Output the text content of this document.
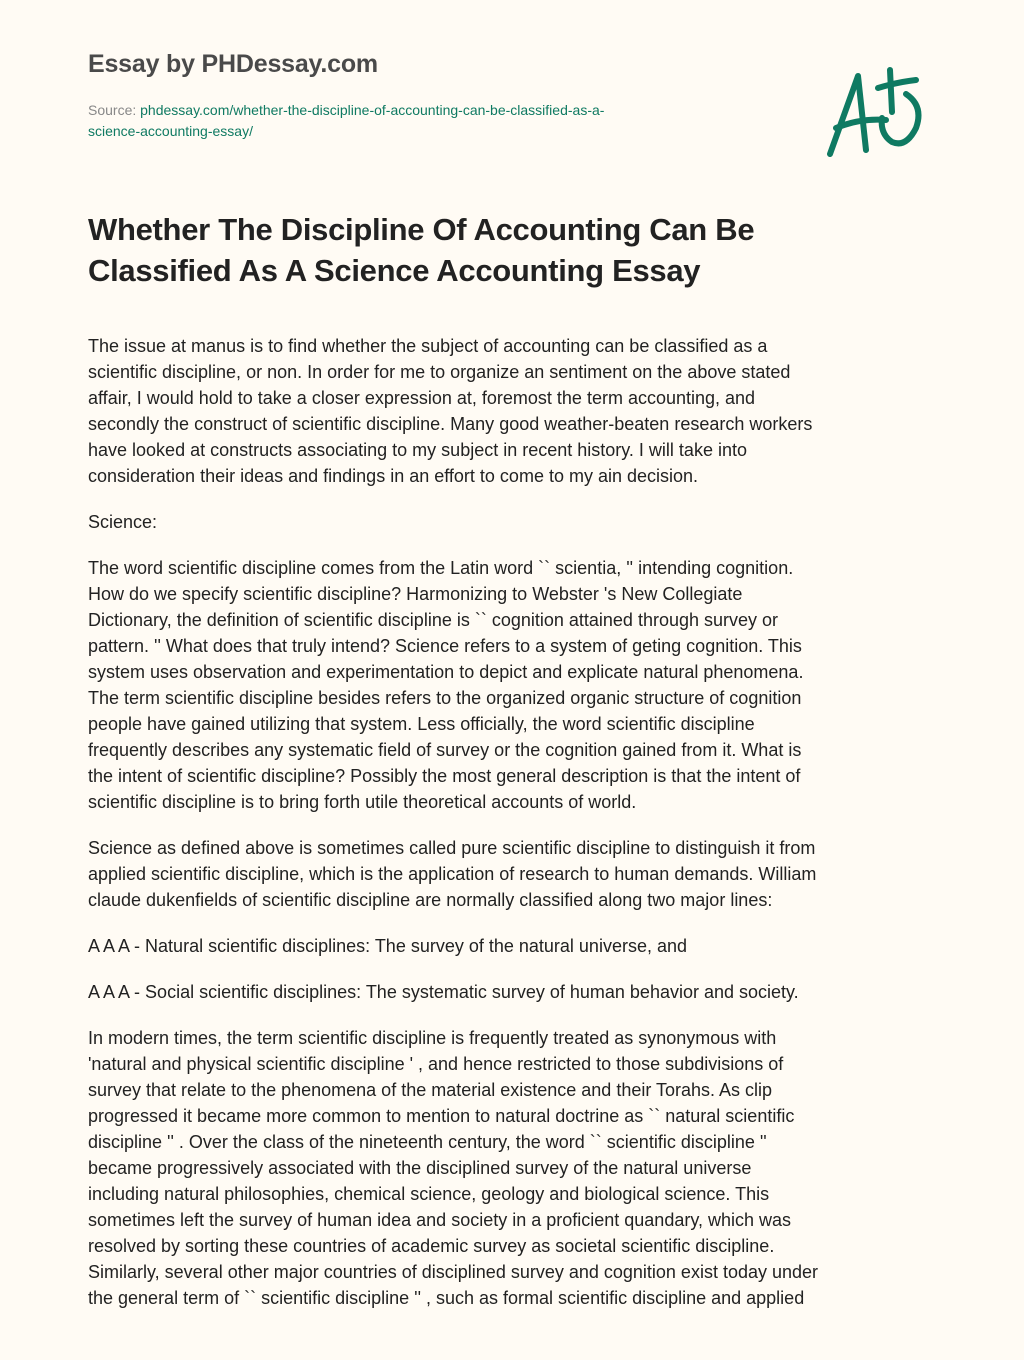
Essay by PHDessay.com
Source: phdessay.com/whether-the-discipline-of-accounting-can-be-classified-as-a-
science-accounting-essay/
Whether The Discipline Of Accounting Can Be
Classified As A Science Accounting Essay

The issue at manus is to find whether the subject of accounting can be classified as a
scientific discipline, or non. In order for me to organize an sentiment on the above stated
affair, I would hold to take a closer expression at, foremost the term accounting, and
secondly the construct of scientific discipline. Many good weather-beaten research workers
have looked at constructs associating to my subject in recent history. I will take into
consideration their ideas and findings in an effort to come to my ain decision.

Science:

The word scientific discipline comes from the Latin word `` scientia, '' intending cognition.
How do we specify scientific discipline? Harmonizing to Webster 's New Collegiate
Dictionary, the definition of scientific discipline is `` cognition attained through survey or
pattern. '' What does that truly intend? Science refers to a system of geting cognition. This
system uses observation and experimentation to depict and explicate natural phenomena.
The term scientific discipline besides refers to the organized organic structure of cognition
people have gained utilizing that system. Less officially, the word scientific discipline
frequently describes any systematic field of survey or the cognition gained from it. What is
the intent of scientific discipline? Possibly the most general description is that the intent of
scientific discipline is to bring forth utile theoretical accounts of world.

Science as defined above is sometimes called pure scientific discipline to distinguish it from
applied scientific discipline, which is the application of research to human demands. William
claude dukenfields of scientific discipline are normally classified along two major lines:

A A A - Natural scientific disciplines: The survey of the natural universe, and

A A A - Social scientific disciplines: The systematic survey of human behavior and society.

In modern times, the term scientific discipline is frequently treated as synonymous with
'natural and physical scientific discipline ' , and hence restricted to those subdivisions of
survey that relate to the phenomena of the material existence and their Torahs. As clip
progressed it became more common to mention to natural doctrine as `` natural scientific
discipline '' . Over the class of the nineteenth century, the word `` scientific discipline ''
became progressively associated with the disciplined survey of the natural universe
including natural philosophies, chemical science, geology and biological science. This
sometimes left the survey of human idea and society in a proficient quandary, which was
resolved by sorting these countries of academic survey as societal scientific discipline.
Similarly, several other major countries of disciplined survey and cognition exist today under
the general term of `` scientific discipline '' , such as formal scientific discipline and applied
